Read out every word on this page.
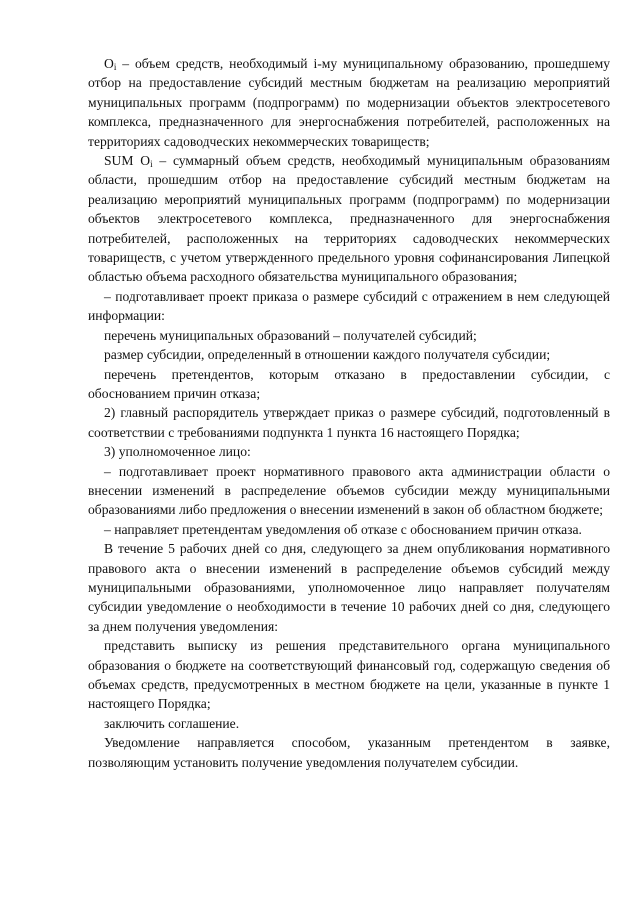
$O_i$ – объем средств, необходимый i-му муниципальному образованию, прошедшему отбор на предоставление субсидий местным бюджетам на реализацию мероприятий муниципальных программ (подпрограмм) по модернизации объектов электросетевого комплекса, предназначенного для энергоснабжения потребителей, расположенных на территориях садоводческих некоммерческих товариществ;

SUM $O_i$ – суммарный объем средств, необходимый муниципальным образованиям области, прошедшим отбор на предоставление субсидий местным бюджетам на реализацию мероприятий муниципальных программ (подпрограмм) по модернизации объектов электросетевого комплекса, предназначенного для энергоснабжения потребителей, расположенных на территориях садоводческих некоммерческих товариществ, с учетом утвержденного предельного уровня софинансирования Липецкой областью объема расходного обязательства муниципального образования;

– подготавливает проект приказа о размере субсидий с отражением в нем следующей информации:

перечень муниципальных образований – получателей субсидий;

размер субсидии, определенный в отношении каждого получателя субсидии;

перечень претендентов, которым отказано в предоставлении субсидии, с обоснованием причин отказа;

2) главный распорядитель утверждает приказ о размере субсидий, подготовленный в соответствии с требованиями подпункта 1 пункта 16 настоящего Порядка;

3) уполномоченное лицо:

– подготавливает проект нормативного правового акта администрации области о внесении изменений в распределение объемов субсидии между муниципальными образованиями либо предложения о внесении изменений в закон об областном бюджете;

– направляет претендентам уведомления об отказе с обоснованием причин отказа.

В течение 5 рабочих дней со дня, следующего за днем опубликования нормативного правового акта о внесении изменений в распределение объемов субсидий между муниципальными образованиями, уполномоченное лицо направляет получателям субсидии уведомление о необходимости в течение 10 рабочих дней со дня, следующего за днем получения уведомления:

представить выписку из решения представительного органа муниципального образования о бюджете на соответствующий финансовый год, содержащую сведения об объемах средств, предусмотренных в местном бюджете на цели, указанные в пункте 1 настоящего Порядка;

заключить соглашение.

Уведомление направляется способом, указанным претендентом в заявке, позволяющим установить получение уведомления получателем субсидии.
